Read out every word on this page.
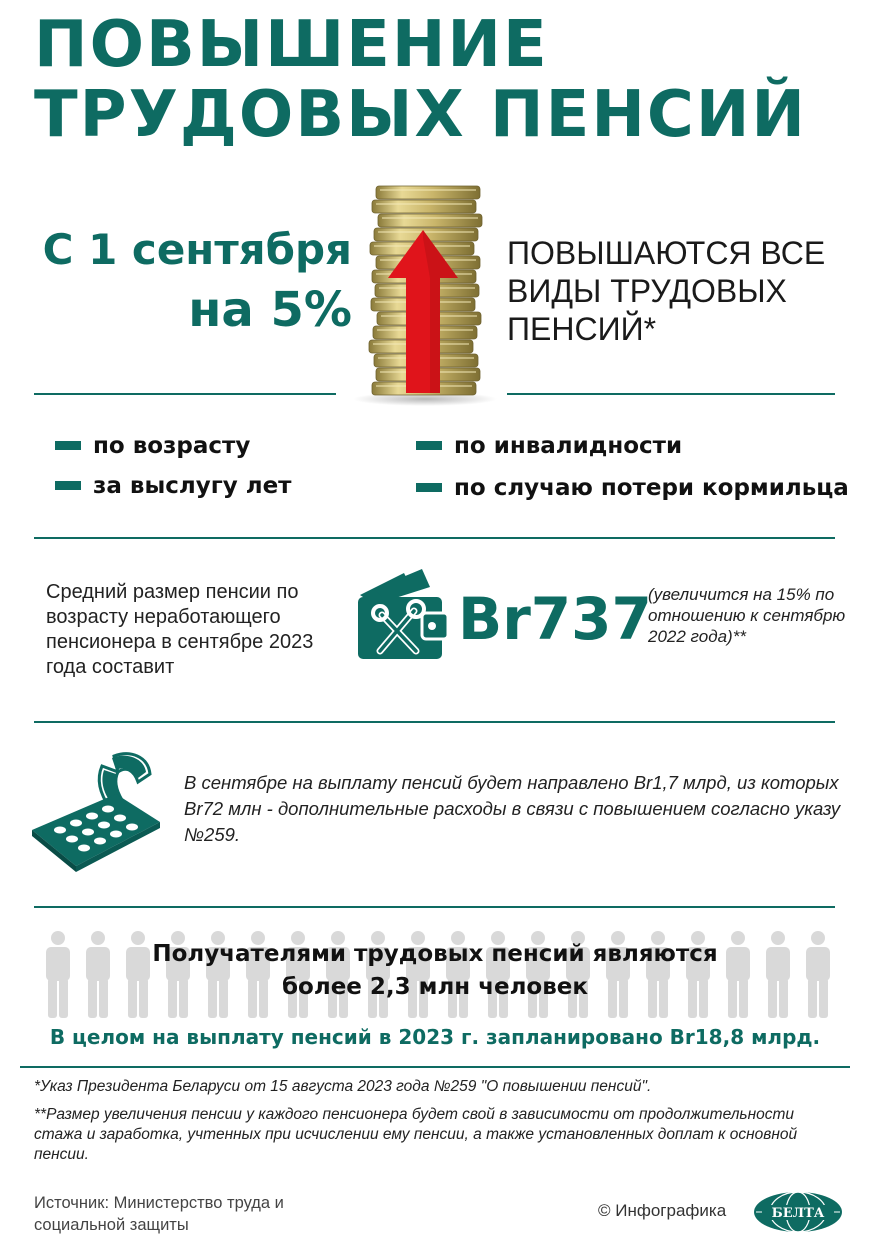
ПОВЫШЕНИЕ
ТРУДОВЫХ ПЕНСИЙ
С 1 сентября
на 5%
ПОВЫШАЮТСЯ ВСЕ ВИДЫ ТРУДОВЫХ ПЕНСИЙ*
по возрасту
за выслугу лет
по инвалидности
по случаю потери кормильца
Средний размер пенсии по возрасту неработающего пенсионера в сентябре 2023 года составит
Br737
(увеличится на 15% по отношению к сентябрю 2022 года)**
В сентябре на выплату пенсий будет направлено Br1,7 млрд, из которых Br72 млн - дополнительные расходы в связи с повышением согласно указу №259.
Получателями трудовых пенсий являются
более 2,3 млн человек
В целом на выплату пенсий в 2023 г. запланировано Br18,8 млрд.
*Указ Президента Беларуси от 15 августа 2023 года №259 "О повышении пенсий".
**Размер увеличения пенсии у каждого пенсионера будет свой в зависимости от продолжительности стажа и заработка, учтенных при исчислении ему пенсии, а также установленных доплат к основной пенсии.
Источник: Министерство труда и социальной защиты
© Инфографика	БЕЛТА
